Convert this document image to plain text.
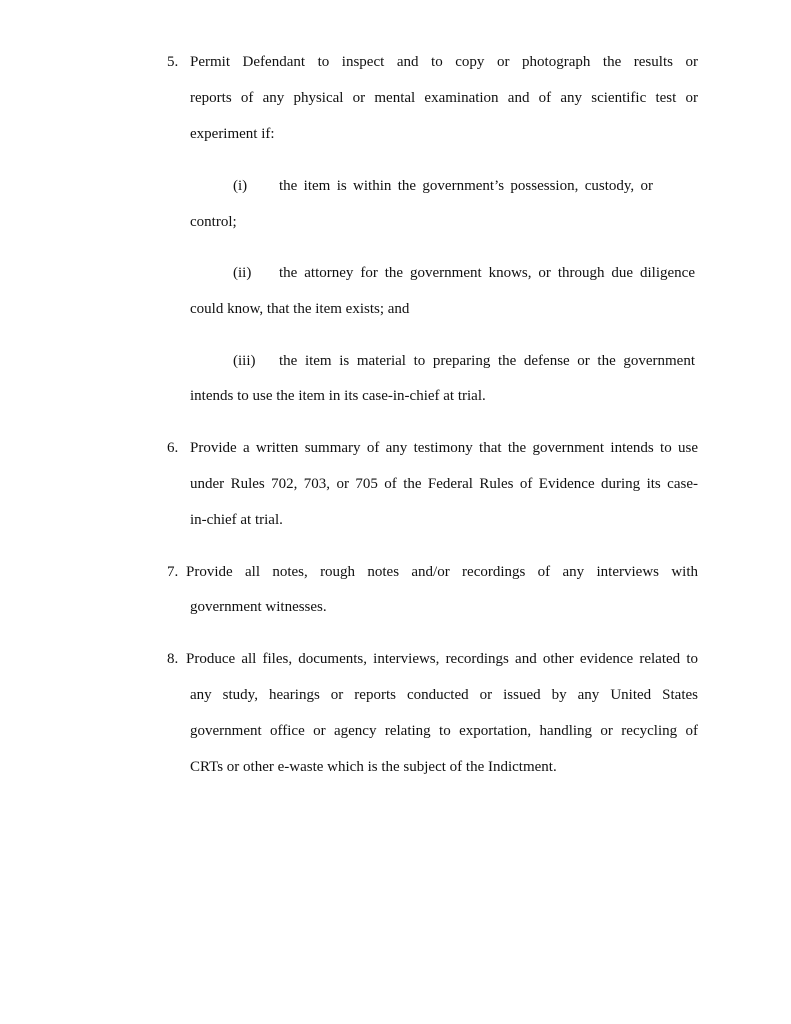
5. Permit Defendant to inspect and to copy or photograph the results or
reports of any physical or mental examination and of any scientific test or
experiment if:
(i) the item is within the government’s possession, custody, or
control;
(ii) the attorney for the government knows, or through due diligence
could know, that the item exists; and
(iii) the item is material to preparing the defense or the government
intends to use the item in its case-in-chief at trial.
6. Provide a written summary of any testimony that the government intends to use
under Rules 702, 703, or 705 of the Federal Rules of Evidence during its case-
in-chief at trial.
7. Provide all notes, rough notes and/or recordings of any interviews with
government witnesses.
8. Produce all files, documents, interviews, recordings and other evidence related to
any study, hearings or reports conducted or issued by any United States
government office or agency relating to exportation, handling or recycling of
CRTs or other e-waste which is the subject of the Indictment.
